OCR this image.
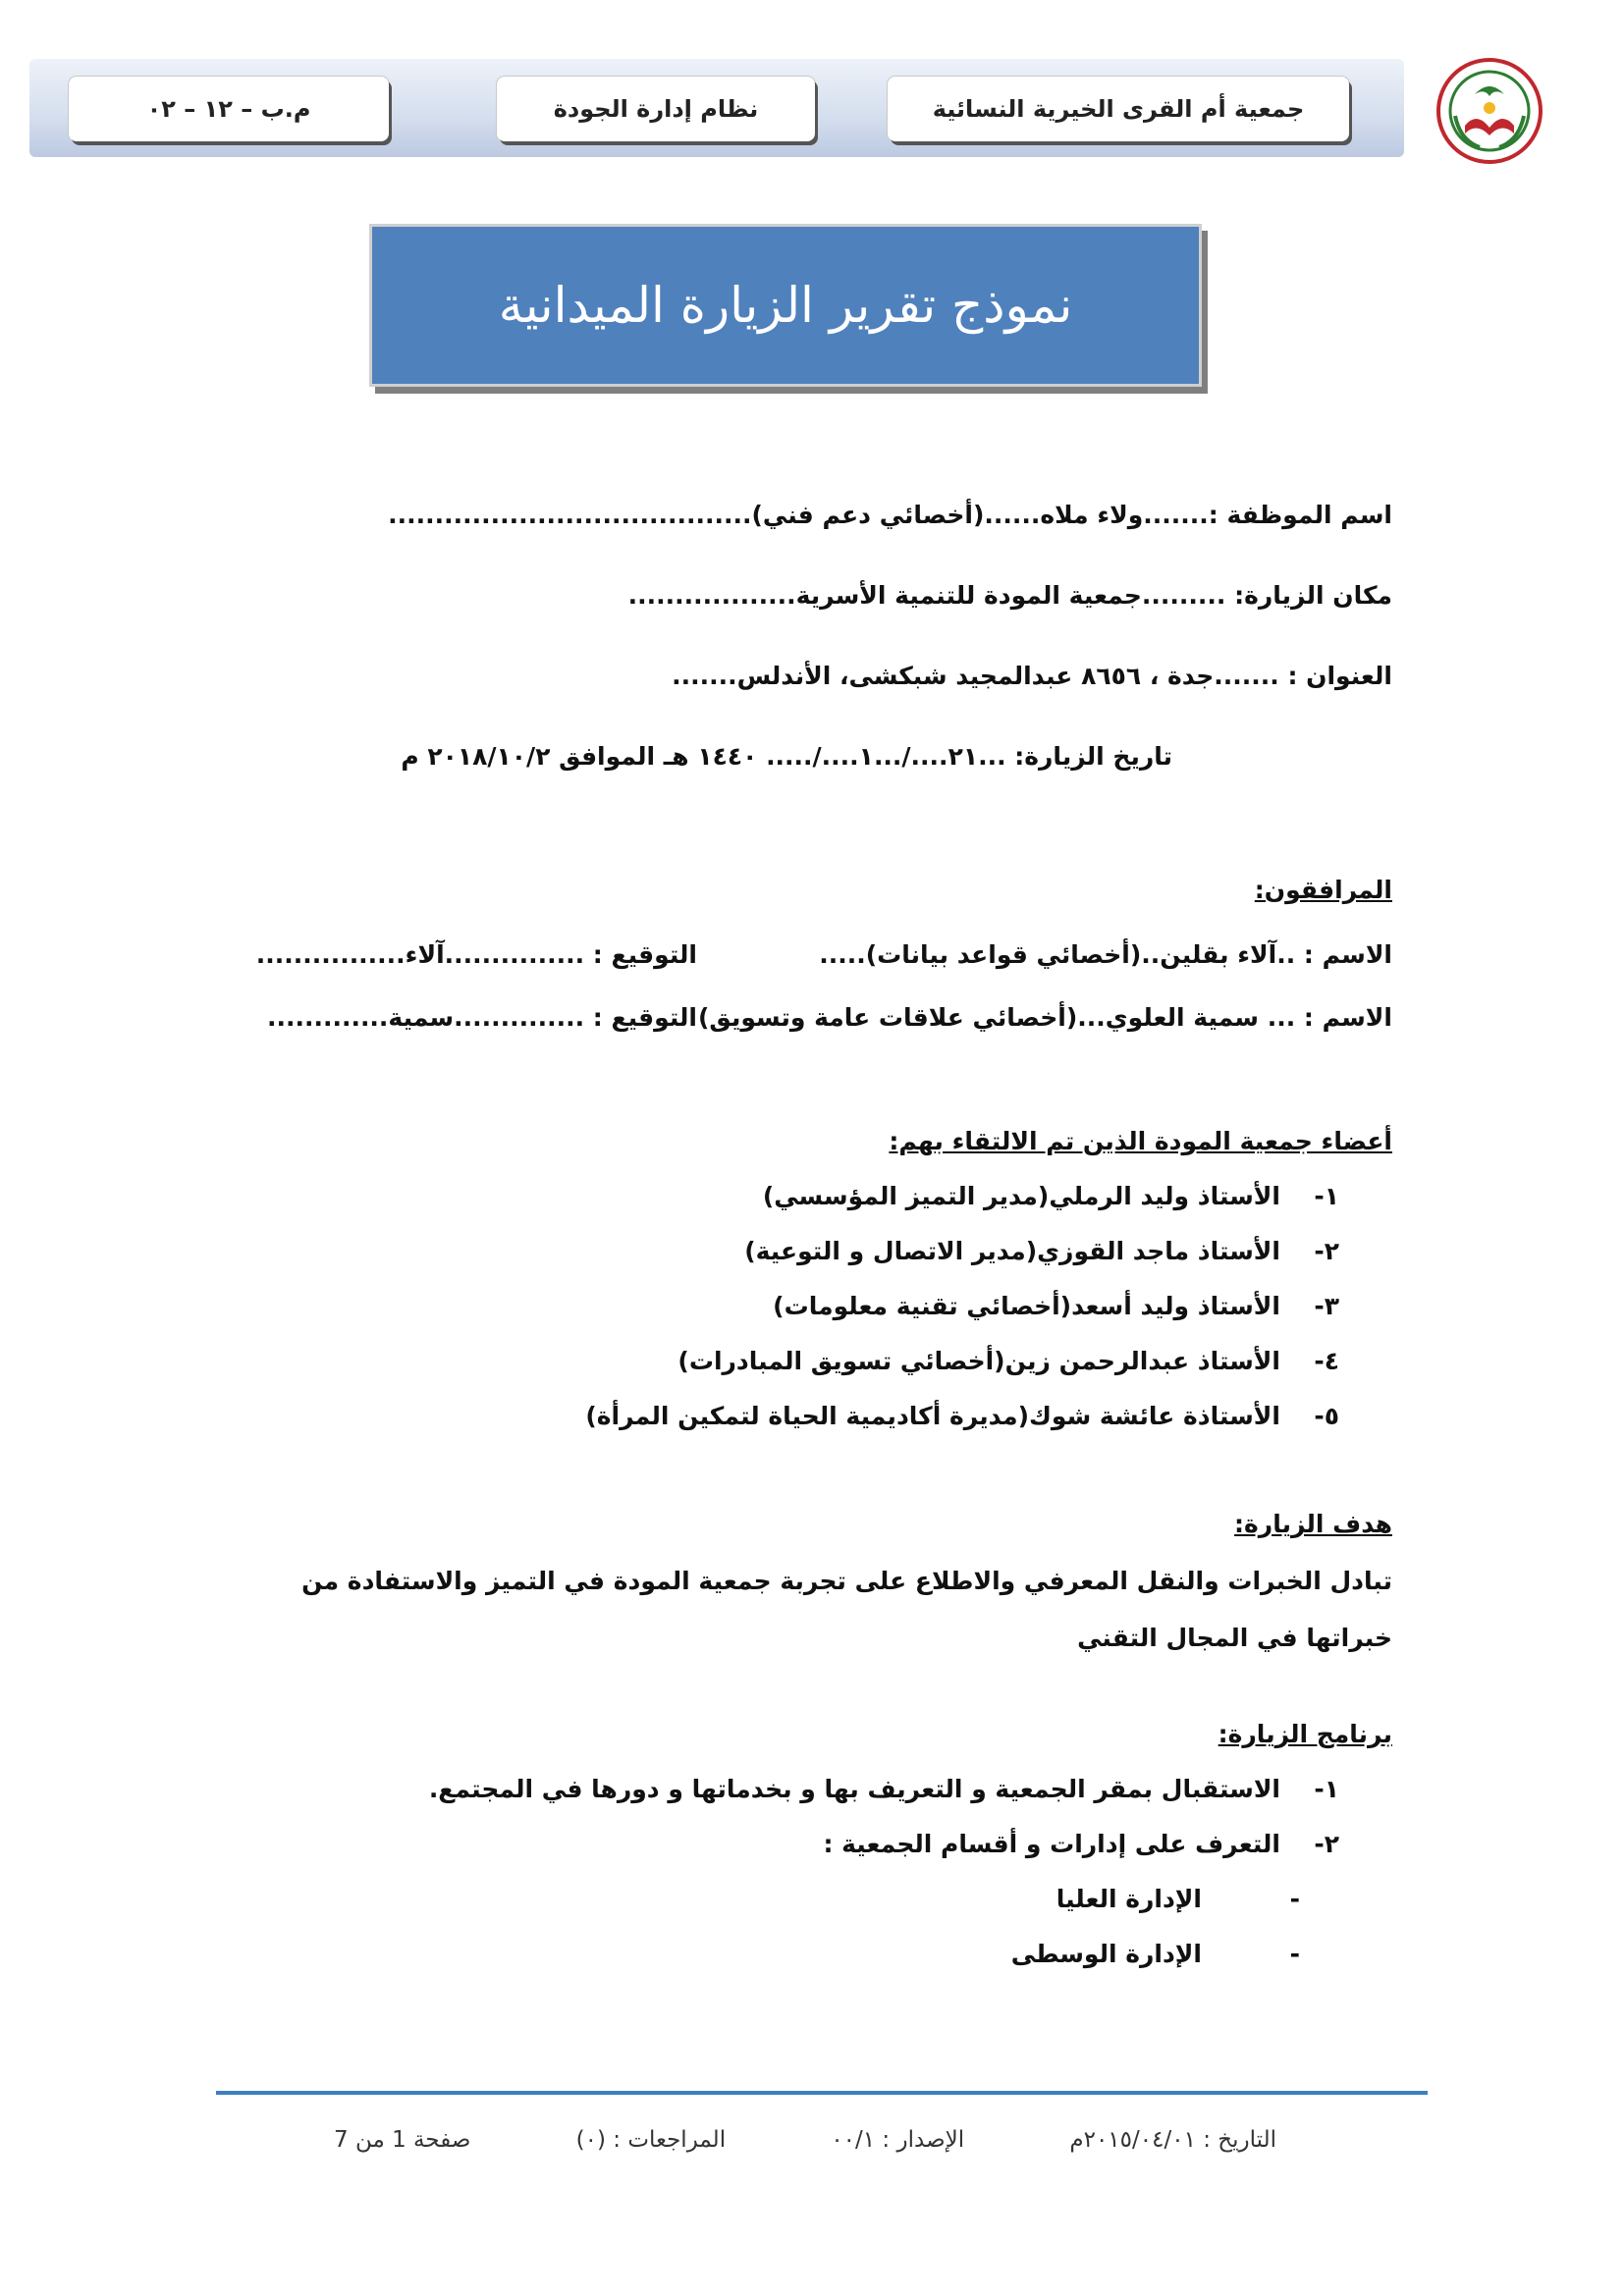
جمعية أم القرى الخيرية النسائية
نظام إدارة الجودة
م.ب – ١٢ – ٠٢
نموذج تقرير الزيارة الميدانية
اسم الموظفة :.......ولاء ملاه......(أخصائي دعم فني).......................................
مكان الزيارة: .........جمعية المودة للتنمية الأسرية..................
العنوان : .......جدة ، ٨٦٥٦ عبدالمجيد شبكشى، الأندلس.......
تاريخ الزيارة: ...٢١..../...١..../..... ١٤٤٠ هـ الموافق ٢٠١٨/١٠/٢ م
المرافقون:
الاسم : ..آلاء بقلين..(أخصائي قواعد بيانات).....
التوقيع : ...............آلاء................
الاسم : ... سمية العلوي...(أخصائي علاقات عامة وتسويق)
التوقيع : ..............سمية.............
أعضاء جمعية المودة الذين تم الالتقاء بهم:
١-الأستاذ وليد الرملي(مدير التميز المؤسسي)
٢-الأستاذ ماجد القوزي(مدير الاتصال و التوعية)
٣-الأستاذ وليد أسعد(أخصائي تقنية معلومات)
٤-الأستاذ عبدالرحمن زين(أخصائي تسويق المبادرات)
٥-الأستاذة عائشة شوك(مديرة أكاديمية الحياة لتمكين المرأة)
هدف الزيارة:
تبادل الخبرات والنقل المعرفي والاطلاع على تجربة جمعية المودة في التميز والاستفادة من خبراتها في المجال التقني
برنامج الزيارة:
١-الاستقبال بمقر الجمعية و التعريف بها و بخدماتها و دورها في المجتمع.
٢-التعرف على إدارات و أقسام الجمعية :
-الإدارة العليا
-الإدارة الوسطى
التاريخ : ٢٠١٥/٠٤/٠١م
الإصدار : ٠٠/١
المراجعات : (٠)
صفحة 1 من 7
